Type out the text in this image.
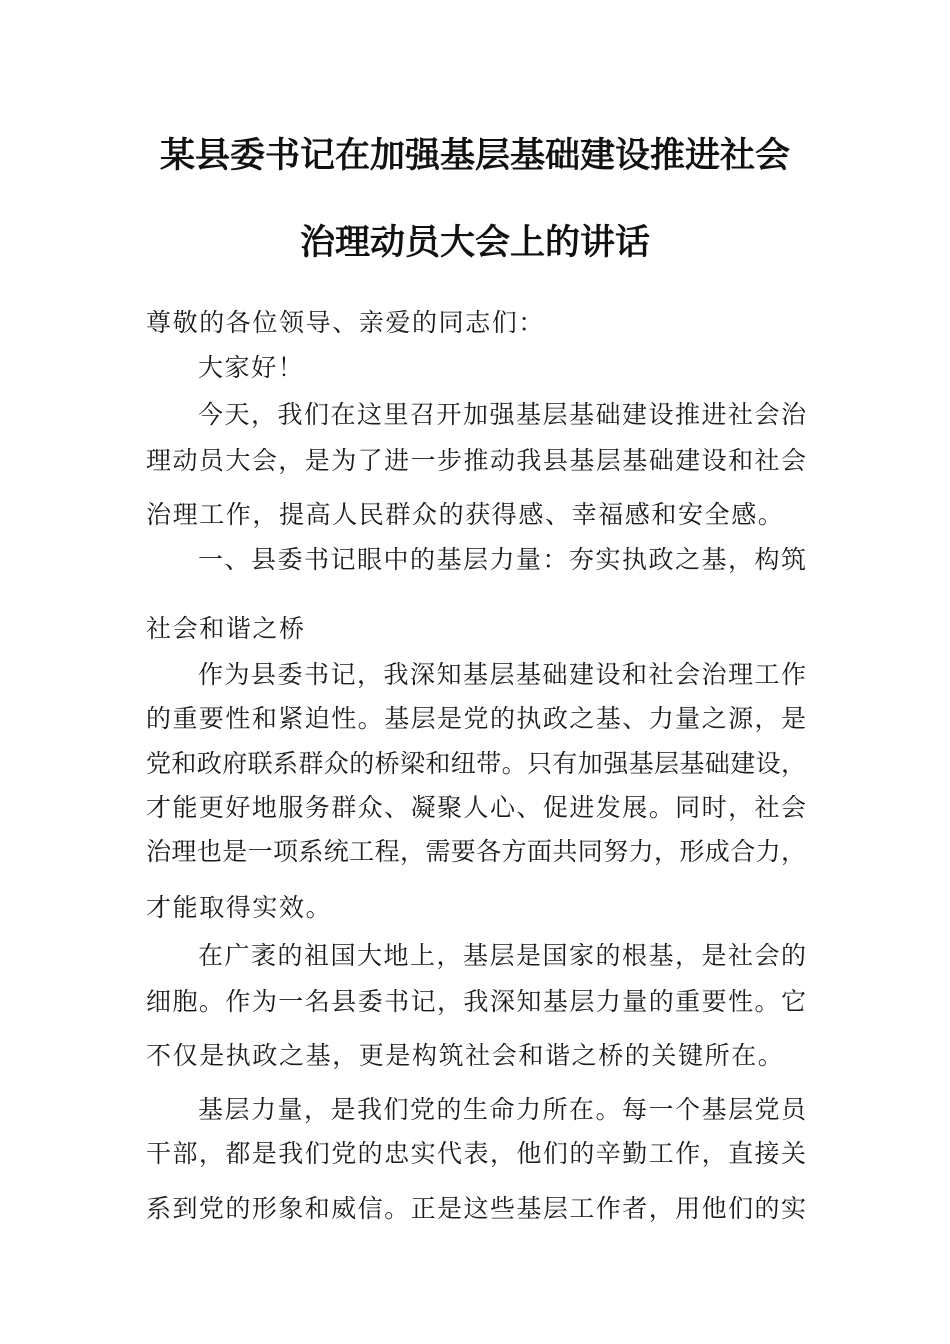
某县委书记在加强基层基础建设推进社会
治理动员大会上的讲话
尊敬的各位领导、亲爱的同志们：
大家好！
今天，我们在这里召开加强基层基础建设推进社会治
理动员大会，是为了进一步推动我县基层基础建设和社会
治理工作，提高人民群众的获得感、幸福感和安全感。
一、县委书记眼中的基层力量：夯实执政之基，构筑
社会和谐之桥
作为县委书记，我深知基层基础建设和社会治理工作
的重要性和紧迫性。基层是党的执政之基、力量之源，是
党和政府联系群众的桥梁和纽带。只有加强基层基础建设，
才能更好地服务群众、凝聚人心、促进发展。同时，社会
治理也是一项系统工程，需要各方面共同努力，形成合力，
才能取得实效。
在广袤的祖国大地上，基层是国家的根基，是社会的
细胞。作为一名县委书记，我深知基层力量的重要性。它
不仅是执政之基，更是构筑社会和谐之桥的关键所在。
基层力量，是我们党的生命力所在。每一个基层党员
干部，都是我们党的忠实代表，他们的辛勤工作，直接关
系到党的形象和威信。正是这些基层工作者，用他们的实
